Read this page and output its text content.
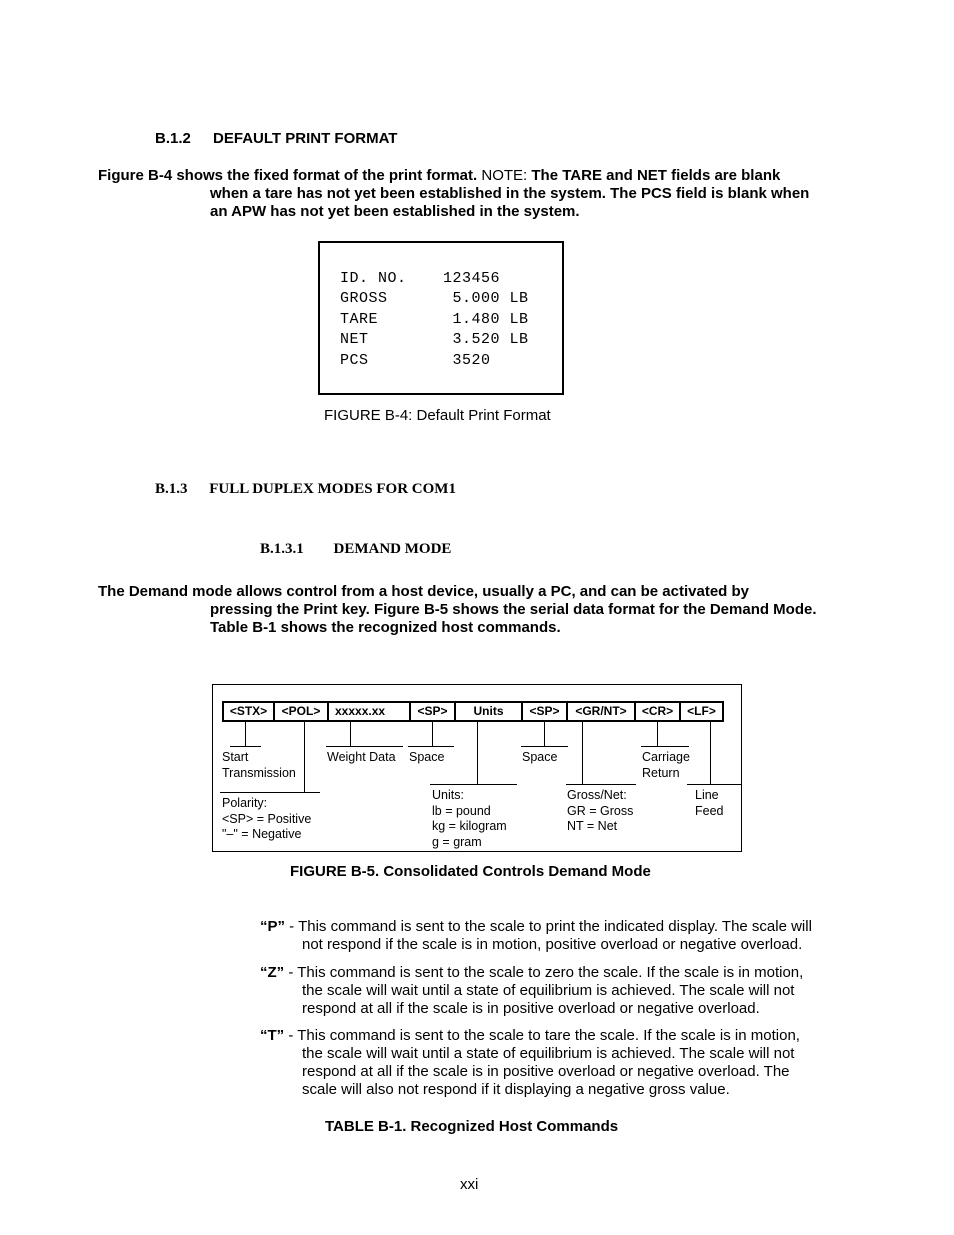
B.1.2 DEFAULT PRINT FORMAT
Figure B-4 shows the fixed format of the print format. NOTE: The TARE and NET fields are blank
when a tare has not yet been established in the system. The PCS field is blank when
an APW has not yet been established in the system.
ID. NO. 123456
GROSS	5.000 LB
TARE	1.480 LB
NET	3.520 LB
PCS	3520
FIGURE B-4: Default Print Format
B.1.3 FULL DUPLEX MODES FOR COM1
B.1.3.1 DEMAND MODE
The Demand mode allows control from a host device, usually a PC, and can be activated by
pressing the Print key. Figure B-5 shows the serial data format for the Demand Mode.
Table B-1 shows the recognized host commands.
<STX>	<POL>	xxxxx.xx	<SP>	Units	<SP>	<GR/NT>	<CR>	<LF>
Start
Transmission
Weight Data Space	Space	Carriage
Return
Polarity:
<SP> = Positive
"–" = Negative
Units:
lb = pound
kg = kilogram
g = gram
Gross/Net:
GR = Gross
NT = Net
Line
Feed
FIGURE B-5. Consolidated Controls Demand Mode
“P” - This command is sent to the scale to print the indicated display. The scale will
not respond if the scale is in motion, positive overload or negative overload.
“Z” - This command is sent to the scale to zero the scale. If the scale is in motion,
the scale will wait until a state of equilibrium is achieved. The scale will not
respond at all if the scale is in positive overload or negative overload.
“T” - This command is sent to the scale to tare the scale. If the scale is in motion,
the scale will wait until a state of equilibrium is achieved. The scale will not
respond at all if the scale is in positive overload or negative overload. The
scale will also not respond if it displaying a negative gross value.
TABLE B-1. Recognized Host Commands
xxi
